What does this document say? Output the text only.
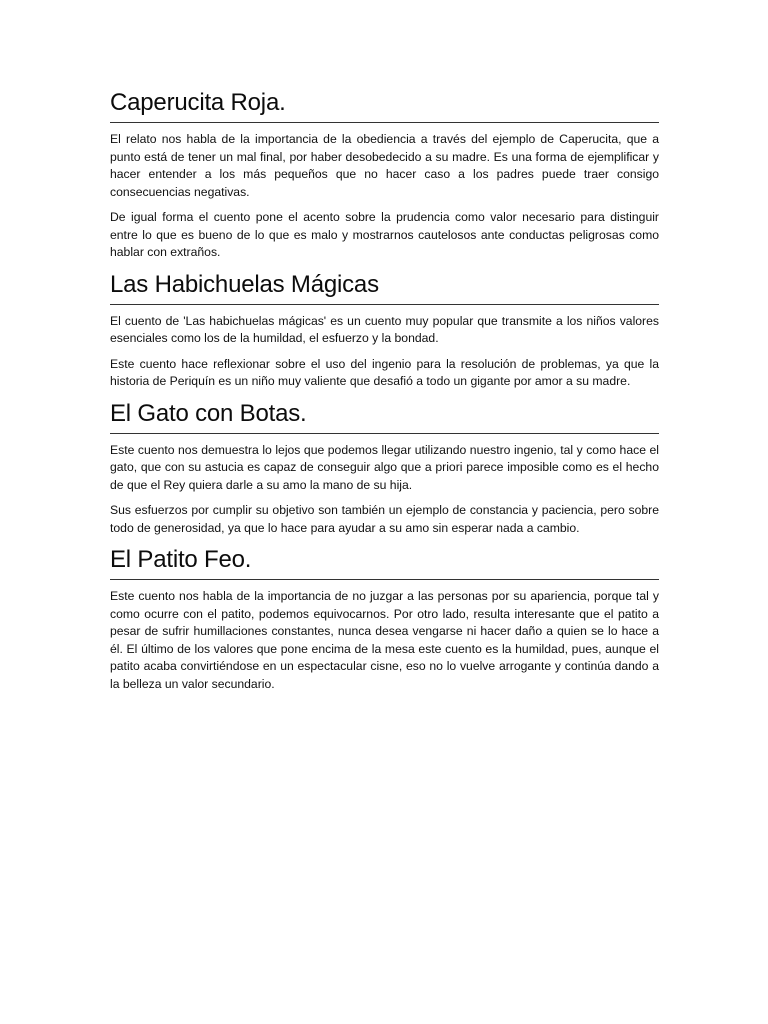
Caperucita Roja.

El relato nos habla de la importancia de la obediencia a través del ejemplo de Caperucita, que a punto está de tener un mal final, por haber desobedecido a su madre. Es una forma de ejemplificar y hacer entender a los más pequeños que no hacer caso a los padres puede traer consigo consecuencias negativas.

De igual forma el cuento pone el acento sobre la prudencia como valor necesario para distinguir entre lo que es bueno de lo que es malo y mostrarnos cautelosos ante conductas peligrosas como hablar con extraños.

Las Habichuelas Mágicas

El cuento de 'Las habichuelas mágicas' es un cuento muy popular que transmite a los niños valores esenciales como los de la humildad, el esfuerzo y la bondad.

Este cuento hace reflexionar sobre el uso del ingenio para la resolución de problemas, ya que la historia de Periquín es un niño muy valiente que desafió a todo un gigante por amor a su madre.

El Gato con Botas.

Este cuento nos demuestra lo lejos que podemos llegar utilizando nuestro ingenio, tal y como hace el gato, que con su astucia es capaz de conseguir algo que a priori parece imposible como es el hecho de que el Rey quiera darle a su amo la mano de su hija.

Sus esfuerzos por cumplir su objetivo son también un ejemplo de constancia y paciencia, pero sobre todo de generosidad, ya que lo hace para ayudar a su amo sin esperar nada a cambio.

El Patito Feo.

Este cuento nos habla de la importancia de no juzgar a las personas por su apariencia, porque tal y como ocurre con el patito, podemos equivocarnos. Por otro lado, resulta interesante que el patito a pesar de sufrir humillaciones constantes, nunca desea vengarse ni hacer daño a quien se lo hace a él. El último de los valores que pone encima de la mesa este cuento es la humildad, pues, aunque el patito acaba convirtiéndose en un espectacular cisne, eso no lo vuelve arrogante y continúa dando a la belleza un valor secundario.
